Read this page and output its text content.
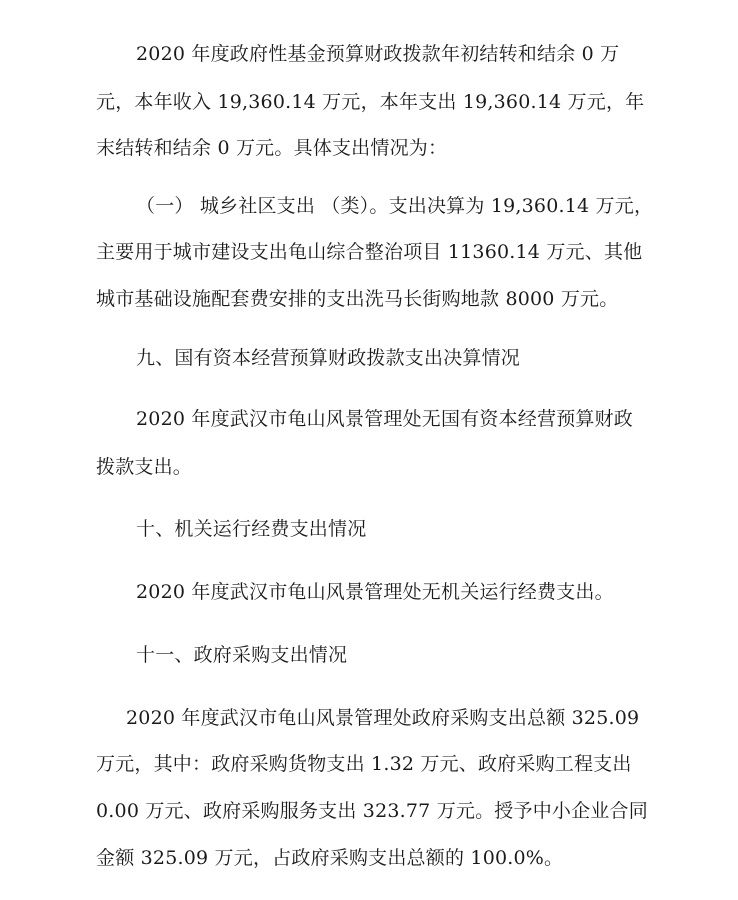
2020 年度政府性基金预算财政拨款年初结转和结余 0 万
元，本年收入 19,360.14 万元，本年支出 19,360.14 万元，年
末结转和结余 0 万元。具体支出情况为：
（一） 城乡社区支出 （类）。支出决算为 19,360.14 万元，
主要用于城市建设支出龟山综合整治项目 11360.14 万元、其他
城市基础设施配套费安排的支出洗马长街购地款 8000 万元。
九、国有资本经营预算财政拨款支出决算情况
2020 年度武汉市龟山风景管理处无国有资本经营预算财政
拨款支出。
十、机关运行经费支出情况
2020 年度武汉市龟山风景管理处无机关运行经费支出。
十一、政府采购支出情况
2020 年度武汉市龟山风景管理处政府采购支出总额 325.09
万元，其中：政府采购货物支出 1.32 万元、政府采购工程支出
0.00 万元、政府采购服务支出 323.77 万元。授予中小企业合同
金额 325.09 万元，占政府采购支出总额的 100.0%。
